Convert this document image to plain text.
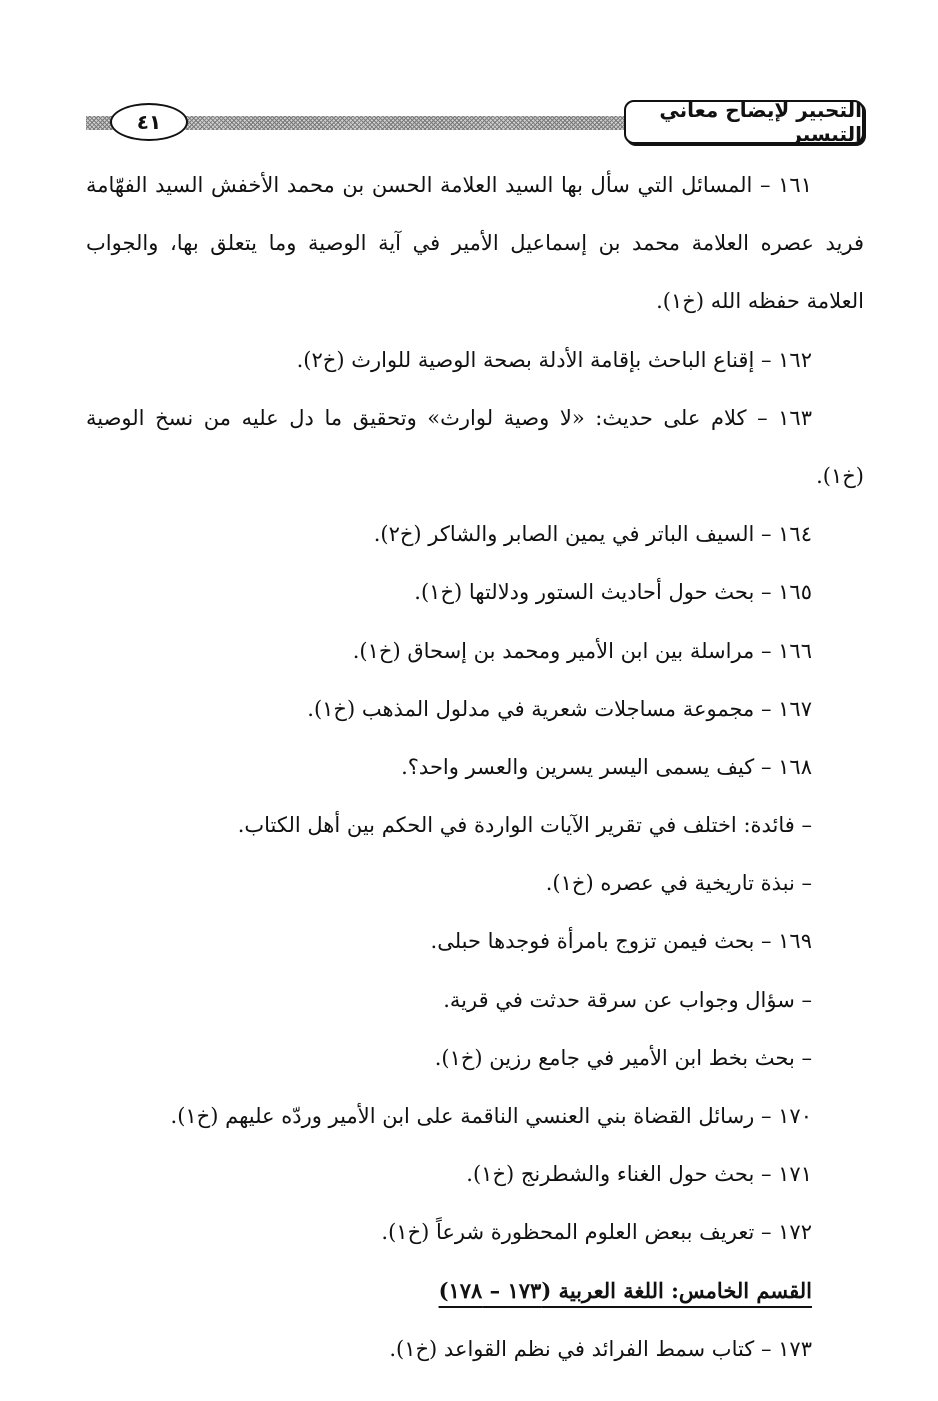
٤١	التحبير لإيضاح معاني التيسير
١٦١ – المسائل التي سأل بها السيد العلامة الحسن بن محمد الأخفش السيد الفهّامة
فريد عصره العلامة محمد بن إسماعيل الأمير في آية الوصية وما يتعلق بها، والجواب
العلامة حفظه الله (خ١).
١٦٢ – إقناع الباحث بإقامة الأدلة بصحة الوصية للوارث (خ٢).
١٦٣ – كلام على حديث: «لا وصية لوارث» وتحقيق ما دل عليه من نسخ الوصية
(خ١).
١٦٤ – السيف الباتر في يمين الصابر والشاكر (خ٢).
١٦٥ – بحث حول أحاديث الستور ودلالتها (خ١).
١٦٦ – مراسلة بين ابن الأمير ومحمد بن إسحاق (خ١).
١٦٧ – مجموعة مساجلات شعرية في مدلول المذهب (خ١).
١٦٨ – كيف يسمى اليسر يسرين والعسر واحد؟.
– فائدة: اختلف في تقرير الآيات الواردة في الحكم بين أهل الكتاب.
– نبذة تاريخية في عصره (خ١).
١٦٩ – بحث فيمن تزوج بامرأة فوجدها حبلى.
– سؤال وجواب عن سرقة حدثت في قرية.
– بحث بخط ابن الأمير في جامع رزين (خ١).
١٧٠ – رسائل القضاة بني العنسي الناقمة على ابن الأمير وردّه عليهم (خ١).
١٧١ – بحث حول الغناء والشطرنج (خ١).
١٧٢ – تعريف ببعض العلوم المحظورة شرعاً (خ١).
القسم الخامس: اللغة العربية (١٧٣ – ١٧٨)
١٧٣ – كتاب سمط الفرائد في نظم القواعد (خ١).
